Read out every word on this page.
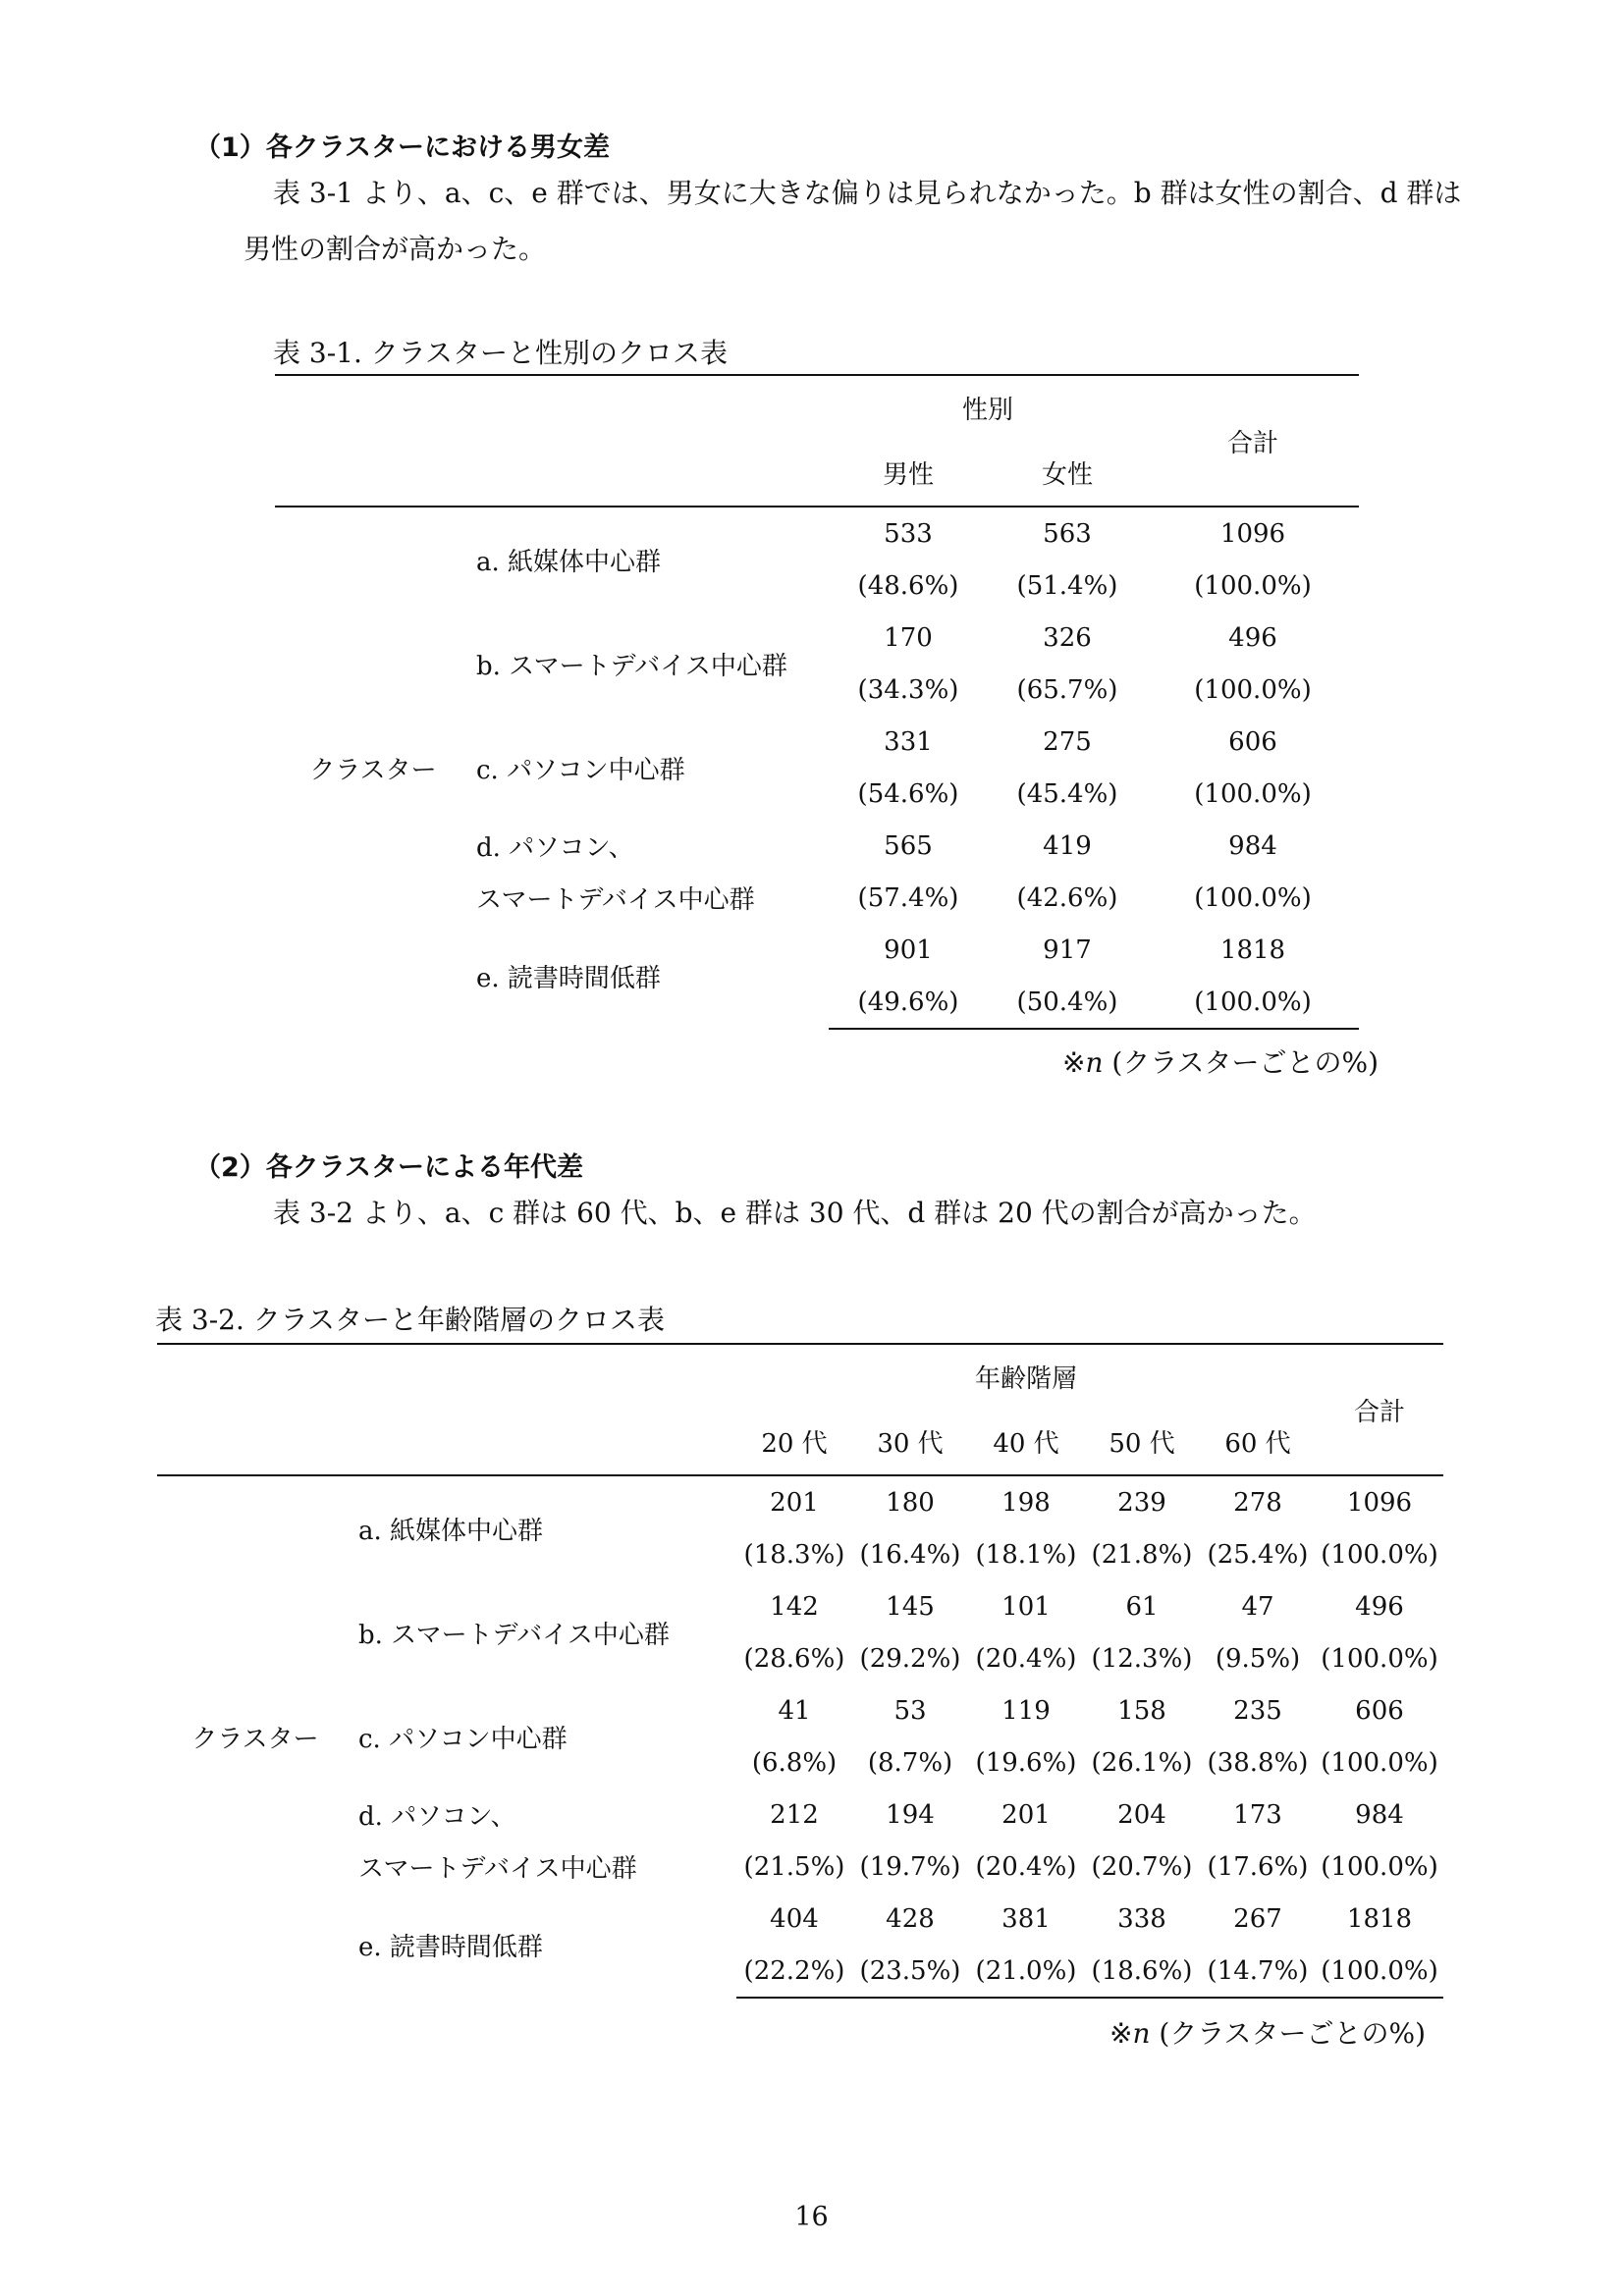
（1）各クラスターにおける男女差
表 3-1 より、a、c、e 群では、男女に大きな偏りは見られなかった。b 群は女性の割合、d 群は
男性の割合が高かった。
表 3-1. クラスターと性別のクロス表
		性別		合計
		男性	女性	
クラスター	a. 紙媒体中心群	533	563	1096
		(48.6%)	(51.4%)	(100.0%)
	b. スマートデバイス中心群	170	326	496
		(34.3%)	(65.7%)	(100.0%)
	c. パソコン中心群	331	275	606
		(54.6%)	(45.4%)	(100.0%)
	d. パソコン、	565	419	984
	スマートデバイス中心群	(57.4%)	(42.6%)	(100.0%)
	e. 読書時間低群	901	917	1818
		(49.6%)	(50.4%)	(100.0%)
※n (クラスターごとの%)
（2）各クラスターによる年代差
表 3-2 より、a、c 群は 60 代、b、e 群は 30 代、d 群は 20 代の割合が高かった。
表 3-2. クラスターと年齢階層のクロス表
		年齢階層					合計
		20 代	30 代	40 代	50 代	60 代	
クラスター	a. 紙媒体中心群	201	180	198	239	278	1096
		(18.3%)	(16.4%)	(18.1%)	(21.8%)	(25.4%)	(100.0%)
	b. スマートデバイス中心群	142	145	101	61	47	496
		(28.6%)	(29.2%)	(20.4%)	(12.3%)	(9.5%)	(100.0%)
	c. パソコン中心群	41	53	119	158	235	606
		(6.8%)	(8.7%)	(19.6%)	(26.1%)	(38.8%)	(100.0%)
	d. パソコン、	212	194	201	204	173	984
	スマートデバイス中心群	(21.5%)	(19.7%)	(20.4%)	(20.7%)	(17.6%)	(100.0%)
	e. 読書時間低群	404	428	381	338	267	1818
		(22.2%)	(23.5%)	(21.0%)	(18.6%)	(14.7%)	(100.0%)
※n (クラスターごとの%)
16
